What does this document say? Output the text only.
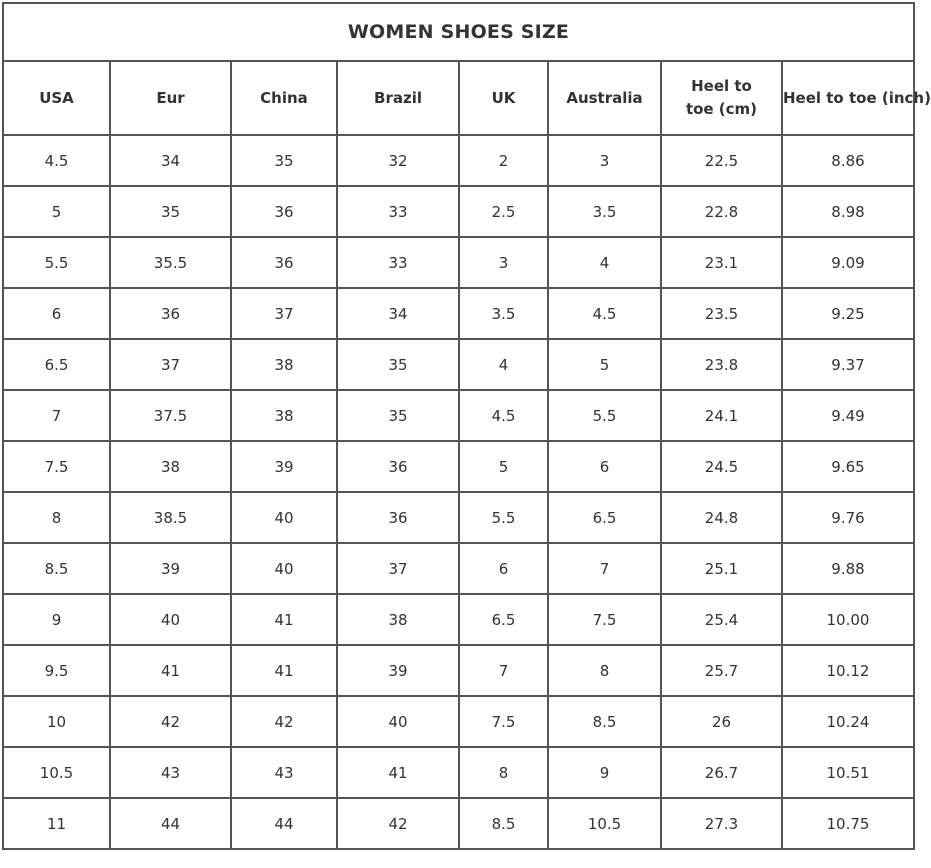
WOMEN SHOES SIZE							
USA	Eur	China	Brazil	UK	Australia	Heel to toe (cm)	Heel to toe (inch)
4.5	34	35	32	2	3	22.5	8.86
5	35	36	33	2.5	3.5	22.8	8.98
5.5	35.5	36	33	3	4	23.1	9.09
6	36	37	34	3.5	4.5	23.5	9.25
6.5	37	38	35	4	5	23.8	9.37
7	37.5	38	35	4.5	5.5	24.1	9.49
7.5	38	39	36	5	6	24.5	9.65
8	38.5	40	36	5.5	6.5	24.8	9.76
8.5	39	40	37	6	7	25.1	9.88
9	40	41	38	6.5	7.5	25.4	10.00
9.5	41	41	39	7	8	25.7	10.12
10	42	42	40	7.5	8.5	26	10.24
10.5	43	43	41	8	9	26.7	10.51
11	44	44	42	8.5	10.5	27.3	10.75
